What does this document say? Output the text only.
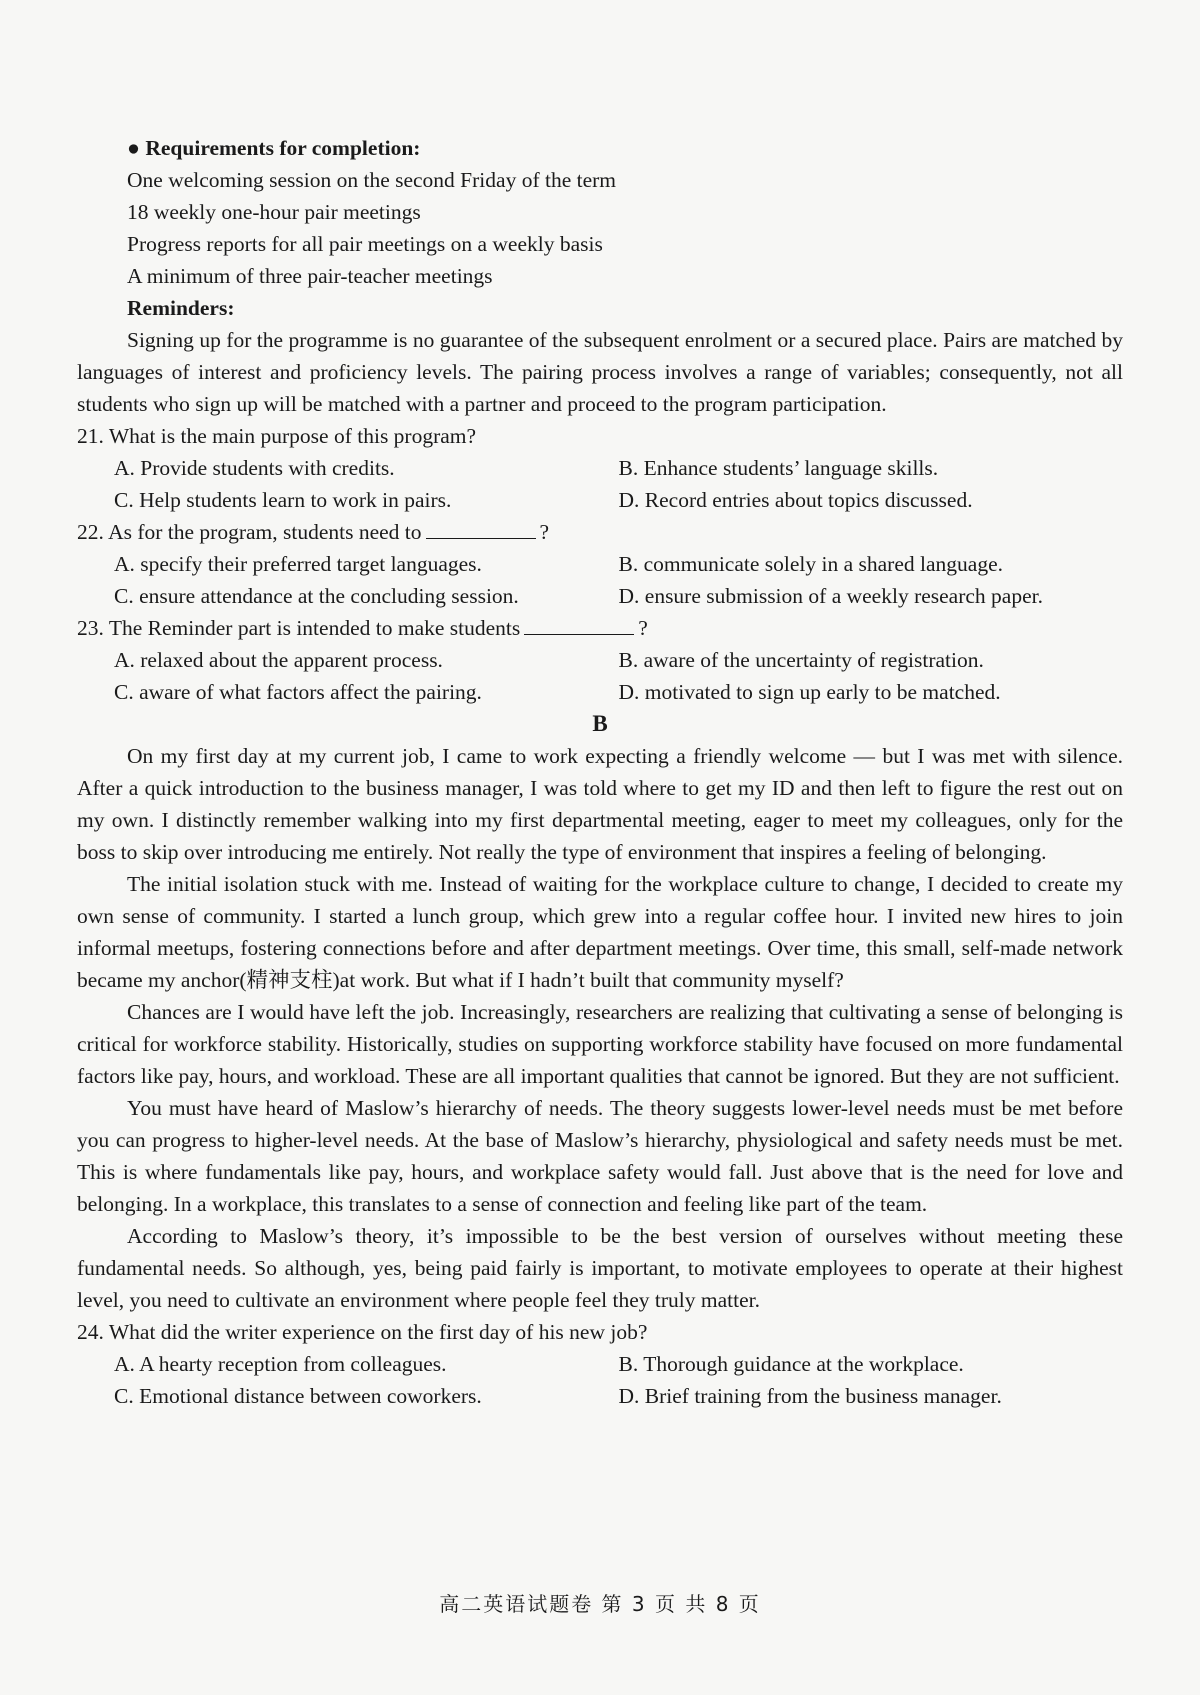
● Requirements for completion:
One welcoming session on the second Friday of the term
18 weekly one-hour pair meetings
Progress reports for all pair meetings on a weekly basis
A minimum of three pair-teacher meetings
Reminders:

Signing up for the programme is no guarantee of the subsequent enrolment or a secured place. Pairs are matched by languages of interest and proficiency levels. The pairing process involves a range of variables; consequently, not all students who sign up will be matched with a partner and proceed to the program participation.

21. What is the main purpose of this program?
A. Provide students with credits.	B. Enhance students’ language skills.
C. Help students learn to work in pairs.	D. Record entries about topics discussed.
22. As for the program, students need to	?
A. specify their preferred target languages.	B. communicate solely in a shared language.
C. ensure attendance at the concluding session.	D. ensure submission of a weekly research paper.
23. The Reminder part is intended to make students	?
A. relaxed about the apparent process.	B. aware of the uncertainty of registration.
C. aware of what factors affect the pairing.	D. motivated to sign up early to be matched.
B

On my first day at my current job, I came to work expecting a friendly welcome — but I was met with silence. After a quick introduction to the business manager, I was told where to get my ID and then left to figure the rest out on my own. I distinctly remember walking into my first departmental meeting, eager to meet my colleagues, only for the boss to skip over introducing me entirely. Not really the type of environment that inspires a feeling of belonging.

The initial isolation stuck with me. Instead of waiting for the workplace culture to change, I decided to create my own sense of community. I started a lunch group, which grew into a regular coffee hour. I invited new hires to join informal meetups, fostering connections before and after department meetings. Over time, this small, self-made network became my anchor(精神支柱)at work. But what if I hadn’t built that community myself?

Chances are I would have left the job. Increasingly, researchers are realizing that cultivating a sense of belonging is critical for workforce stability. Historically, studies on supporting workforce stability have focused on more fundamental factors like pay, hours, and workload. These are all important qualities that cannot be ignored. But they are not sufficient.

You must have heard of Maslow’s hierarchy of needs. The theory suggests lower-level needs must be met before you can progress to higher-level needs. At the base of Maslow’s hierarchy, physiological and safety needs must be met. This is where fundamentals like pay, hours, and workplace safety would fall. Just above that is the need for love and belonging. In a workplace, this translates to a sense of connection and feeling like part of the team.

According to Maslow’s theory, it’s impossible to be the best version of ourselves without meeting these fundamental needs. So although, yes, being paid fairly is important, to motivate employees to operate at their highest level, you need to cultivate an environment where people feel they truly matter.

24. What did the writer experience on the first day of his new job?
A. A hearty reception from colleagues.	B. Thorough guidance at the workplace.
C. Emotional distance between coworkers.	D. Brief training from the business manager.
高二英语试题卷 第 3 页 共 8 页
